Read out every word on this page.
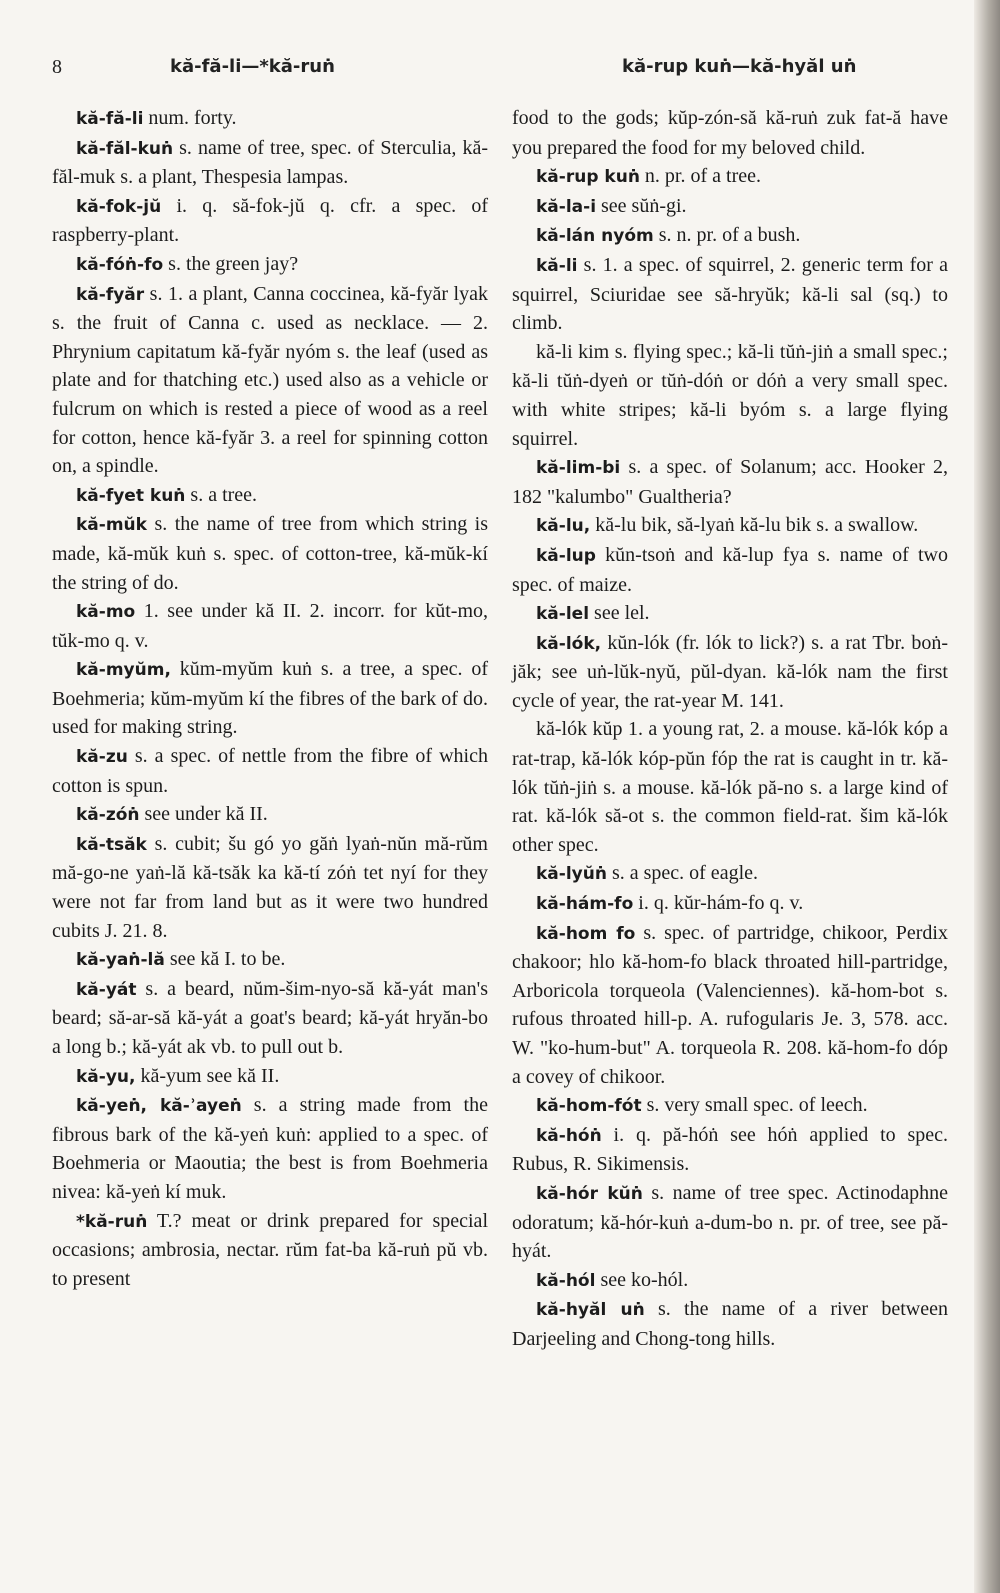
8	kă-fă-li—*kă-ruṅ	kă-rup kuṅ—kă-hyăl uṅ

kă-fă-li num. forty.

kă-făl-kuṅ s. name of tree, spec. of Sterculia, kă-făl-muk s. a plant, Thespesia lampas.

kă-fok-jŭ i. q. să-fok-jŭ q. cfr. a spec. of raspberry-plant.

kă-fóṅ-fo s. the green jay?

kă-fyăr s. 1. a plant, Canna coccinea, kă-fyăr lyak s. the fruit of Canna c. used as necklace. — 2. Phrynium capitatum kă-fyăr nyóm s. the leaf (used as plate and for thatching etc.) used also as a vehicle or fulcrum on which is rested a piece of wood as a reel for cotton, hence kă-fyăr 3. a reel for spinning cotton on, a spindle.

kă-fyet kuṅ s. a tree.

kă-mŭk s. the name of tree from which string is made, kă-mŭk kuṅ s. spec. of cotton-tree, kă-mŭk-kí the string of do.

kă-mo 1. see under kă II. 2. incorr. for kŭt-mo, tŭk-mo q. v.

kă-myŭm, kŭm-myŭm kuṅ s. a tree, a spec. of Boehmeria; kŭm-myŭm kí the fibres of the bark of do. used for making string.

kă-zu s. a spec. of nettle from the fibre of which cotton is spun.

kă-zóṅ see under kă II.

kă-tsăk s. cubit; šu gó yo găṅ lyaṅ-nŭn mă-rŭm mă-go-ne yaṅ-lă kă-tsăk ka kă-tí zóṅ tet nyí for they were not far from land but as it were two hundred cubits J. 21. 8.

kă-yaṅ-lă see kă I. to be.

kă-yát s. a beard, nŭm-šim-nyo-să kă-yát man's beard; să-ar-să kă-yát a goat's beard; kă-yát hryăn-bo a long b.; kă-yát ak vb. to pull out b.

kă-yu, kă-yum see kă II.

kă-yeṅ, kă-ʾayeṅ s. a string made from the fibrous bark of the kă-yeṅ kuṅ: applied to a spec. of Boehmeria or Maoutia; the best is from Boehmeria nivea: kă-yeṅ kí muk.

*kă-ruṅ T.? meat or drink prepared for special occasions; ambrosia, nectar. rŭm fat-ba kă-ruṅ pŭ vb. to present

food to the gods; kŭp-zón-să kă-ruṅ zuk fat-ă have you prepared the food for my beloved child.

kă-rup kuṅ n. pr. of a tree.

kă-la-i see sŭṅ-gi.

kă-lán nyóm s. n. pr. of a bush.

kă-li s. 1. a spec. of squirrel, 2. generic term for a squirrel, Sciuridae see să-hryŭk; kă-li sal (sq.) to climb.

kă-li kim s. flying spec.; kă-li tŭṅ-jiṅ a small spec.; kă-li tŭṅ-dyeṅ or tŭṅ-dóṅ or dóṅ a very small spec. with white stripes; kă-li byóm s. a large flying squirrel.

kă-lim-bi s. a spec. of Solanum; acc. Hooker 2, 182 "kalumbo" Gualtheria?

kă-lu, kă-lu bik, să-lyaṅ kă-lu bik s. a swallow.

kă-lup kŭn-tsoṅ and kă-lup fya s. name of two spec. of maize.

kă-lel see lel.

kă-lók, kŭn-lók (fr. lók to lick?) s. a rat Tbr. boṅ-jăk; see uṅ-lŭk-nyŭ, pŭl-dyan. kă-lók nam the first cycle of year, the rat-year M. 141.

kă-lók kŭp 1. a young rat, 2. a mouse. kă-lók kóp a rat-trap, kă-lók kóp-pŭn fóp the rat is caught in tr. kă-lók tŭṅ-jiṅ s. a mouse. kă-lók pă-no s. a large kind of rat. kă-lók să-ot s. the common field-rat. šim kă-lók other spec.

kă-lyŭṅ s. a spec. of eagle.

kă-hám-fo i. q. kŭr-hám-fo q. v.

kă-hom fo s. spec. of partridge, chikoor, Perdix chakoor; hlo kă-hom-fo black throated hill-partridge, Arboricola torqueola (Valenciennes). kă-hom-bot s. rufous throated hill-p. A. rufogularis Je. 3, 578. acc. W. "ko-hum-but" A. torqueola R. 208. kă-hom-fo dóp a covey of chikoor.

kă-hom-fót s. very small spec. of leech.

kă-hóṅ i. q. pă-hóṅ see hóṅ applied to spec. Rubus, R. Sikimensis.

kă-hór kŭṅ s. name of tree spec. Actinodaphne odoratum; kă-hór-kuṅ a-dum-bo n. pr. of tree, see pă-hyát.

kă-hól see ko-hól.

kă-hyăl uṅ s. the name of a river between Darjeeling and Chong-tong hills.
